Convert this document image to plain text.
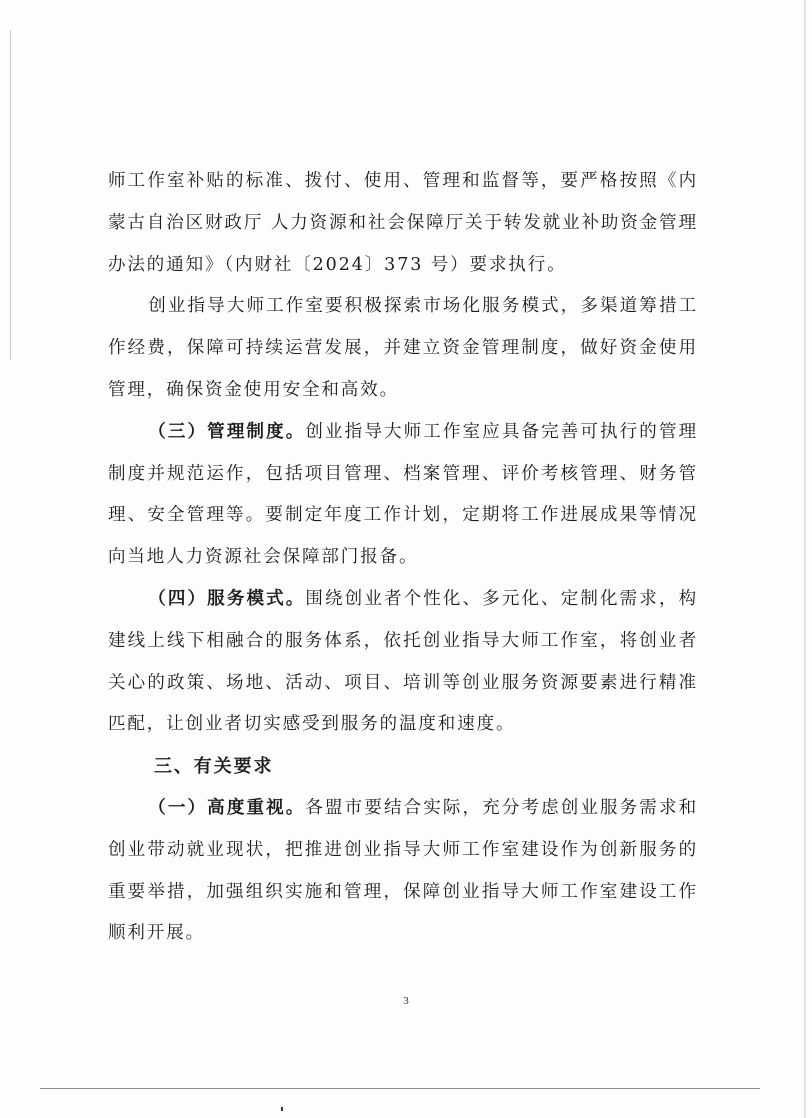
师工作室补贴的标准、拨付、使用、管理和监督等，要严格按照《内蒙古自治区财政厅 人力资源和社会保障厅关于转发就业补助资金管理办法的通知》（内财社〔2024〕373 号）要求执行。

创业指导大师工作室要积极探索市场化服务模式，多渠道筹措工作经费，保障可持续运营发展，并建立资金管理制度，做好资金使用管理，确保资金使用安全和高效。

（三）管理制度。创业指导大师工作室应具备完善可执行的管理制度并规范运作，包括项目管理、档案管理、评价考核管理、财务管理、安全管理等。要制定年度工作计划，定期将工作进展成果等情况向当地人力资源社会保障部门报备。

（四）服务模式。围绕创业者个性化、多元化、定制化需求，构建线上线下相融合的服务体系，依托创业指导大师工作室，将创业者关心的政策、场地、活动、项目、培训等创业服务资源要素进行精准匹配，让创业者切实感受到服务的温度和速度。

三、有关要求

（一）高度重视。各盟市要结合实际，充分考虑创业服务需求和创业带动就业现状，把推进创业指导大师工作室建设作为创新服务的重要举措，加强组织实施和管理，保障创业指导大师工作室建设工作顺利开展。

3
